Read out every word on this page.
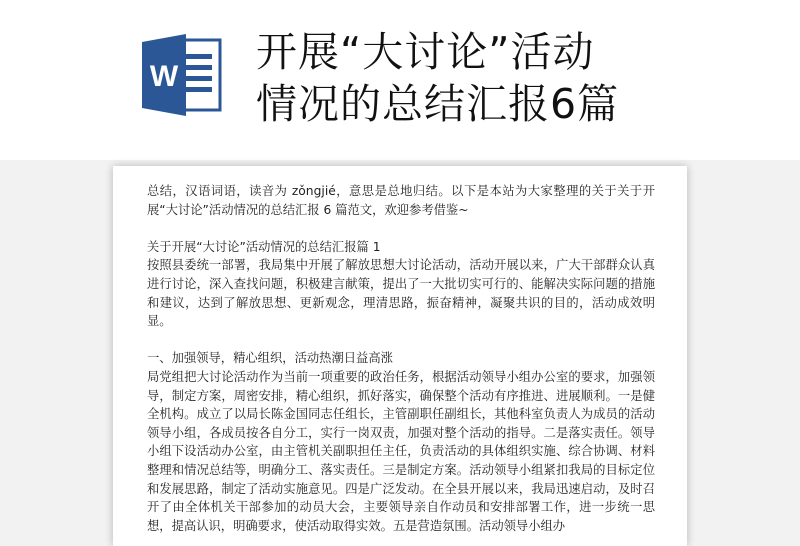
W
开展“大讨论”活动
情况的总结汇报6篇

总结，汉语词语，读音为 zǒngjié，意思是总地归结。以下是本站为大家整理的关于关于开展“大讨论”活动情况的总结汇报 6 篇范文，欢迎参考借鉴~

关于开展“大讨论”活动情况的总结汇报篇 1

按照县委统一部署，我局集中开展了解放思想大讨论活动，活动开展以来，广大干部群众认真进行讨论，深入查找问题，积极建言献策，提出了一大批切实可行的、能解决实际问题的措施和建议，达到了解放思想、更新观念，理清思路，振奋精神，凝聚共识的目的，活动成效明显。

一、加强领导，精心组织，活动热潮日益高涨

局党组把大讨论活动作为当前一项重要的政治任务，根据活动领导小组办公室的要求，加强领导，制定方案，周密安排，精心组织，抓好落实，确保整个活动有序推进、进展顺利。一是健全机构。成立了以局长陈金国同志任组长，主管副职任副组长，其他科室负责人为成员的活动领导小组，各成员按各自分工，实行一岗双责，加强对整个活动的指导。二是落实责任。领导小组下设活动办公室，由主管机关副职担任主任，负责活动的具体组织实施、综合协调、材料整理和情况总结等，明确分工、落实责任。三是制定方案。活动领导小组紧扣我局的目标定位和发展思路，制定了活动实施意见。四是广泛发动。在全县开展以来，我局迅速启动，及时召开了由全体机关干部参加的动员大会，主要领导亲自作动员和安排部署工作，进一步统一思想，提高认识，明确要求，使活动取得实效。五是营造氛围。活动领导小组办
